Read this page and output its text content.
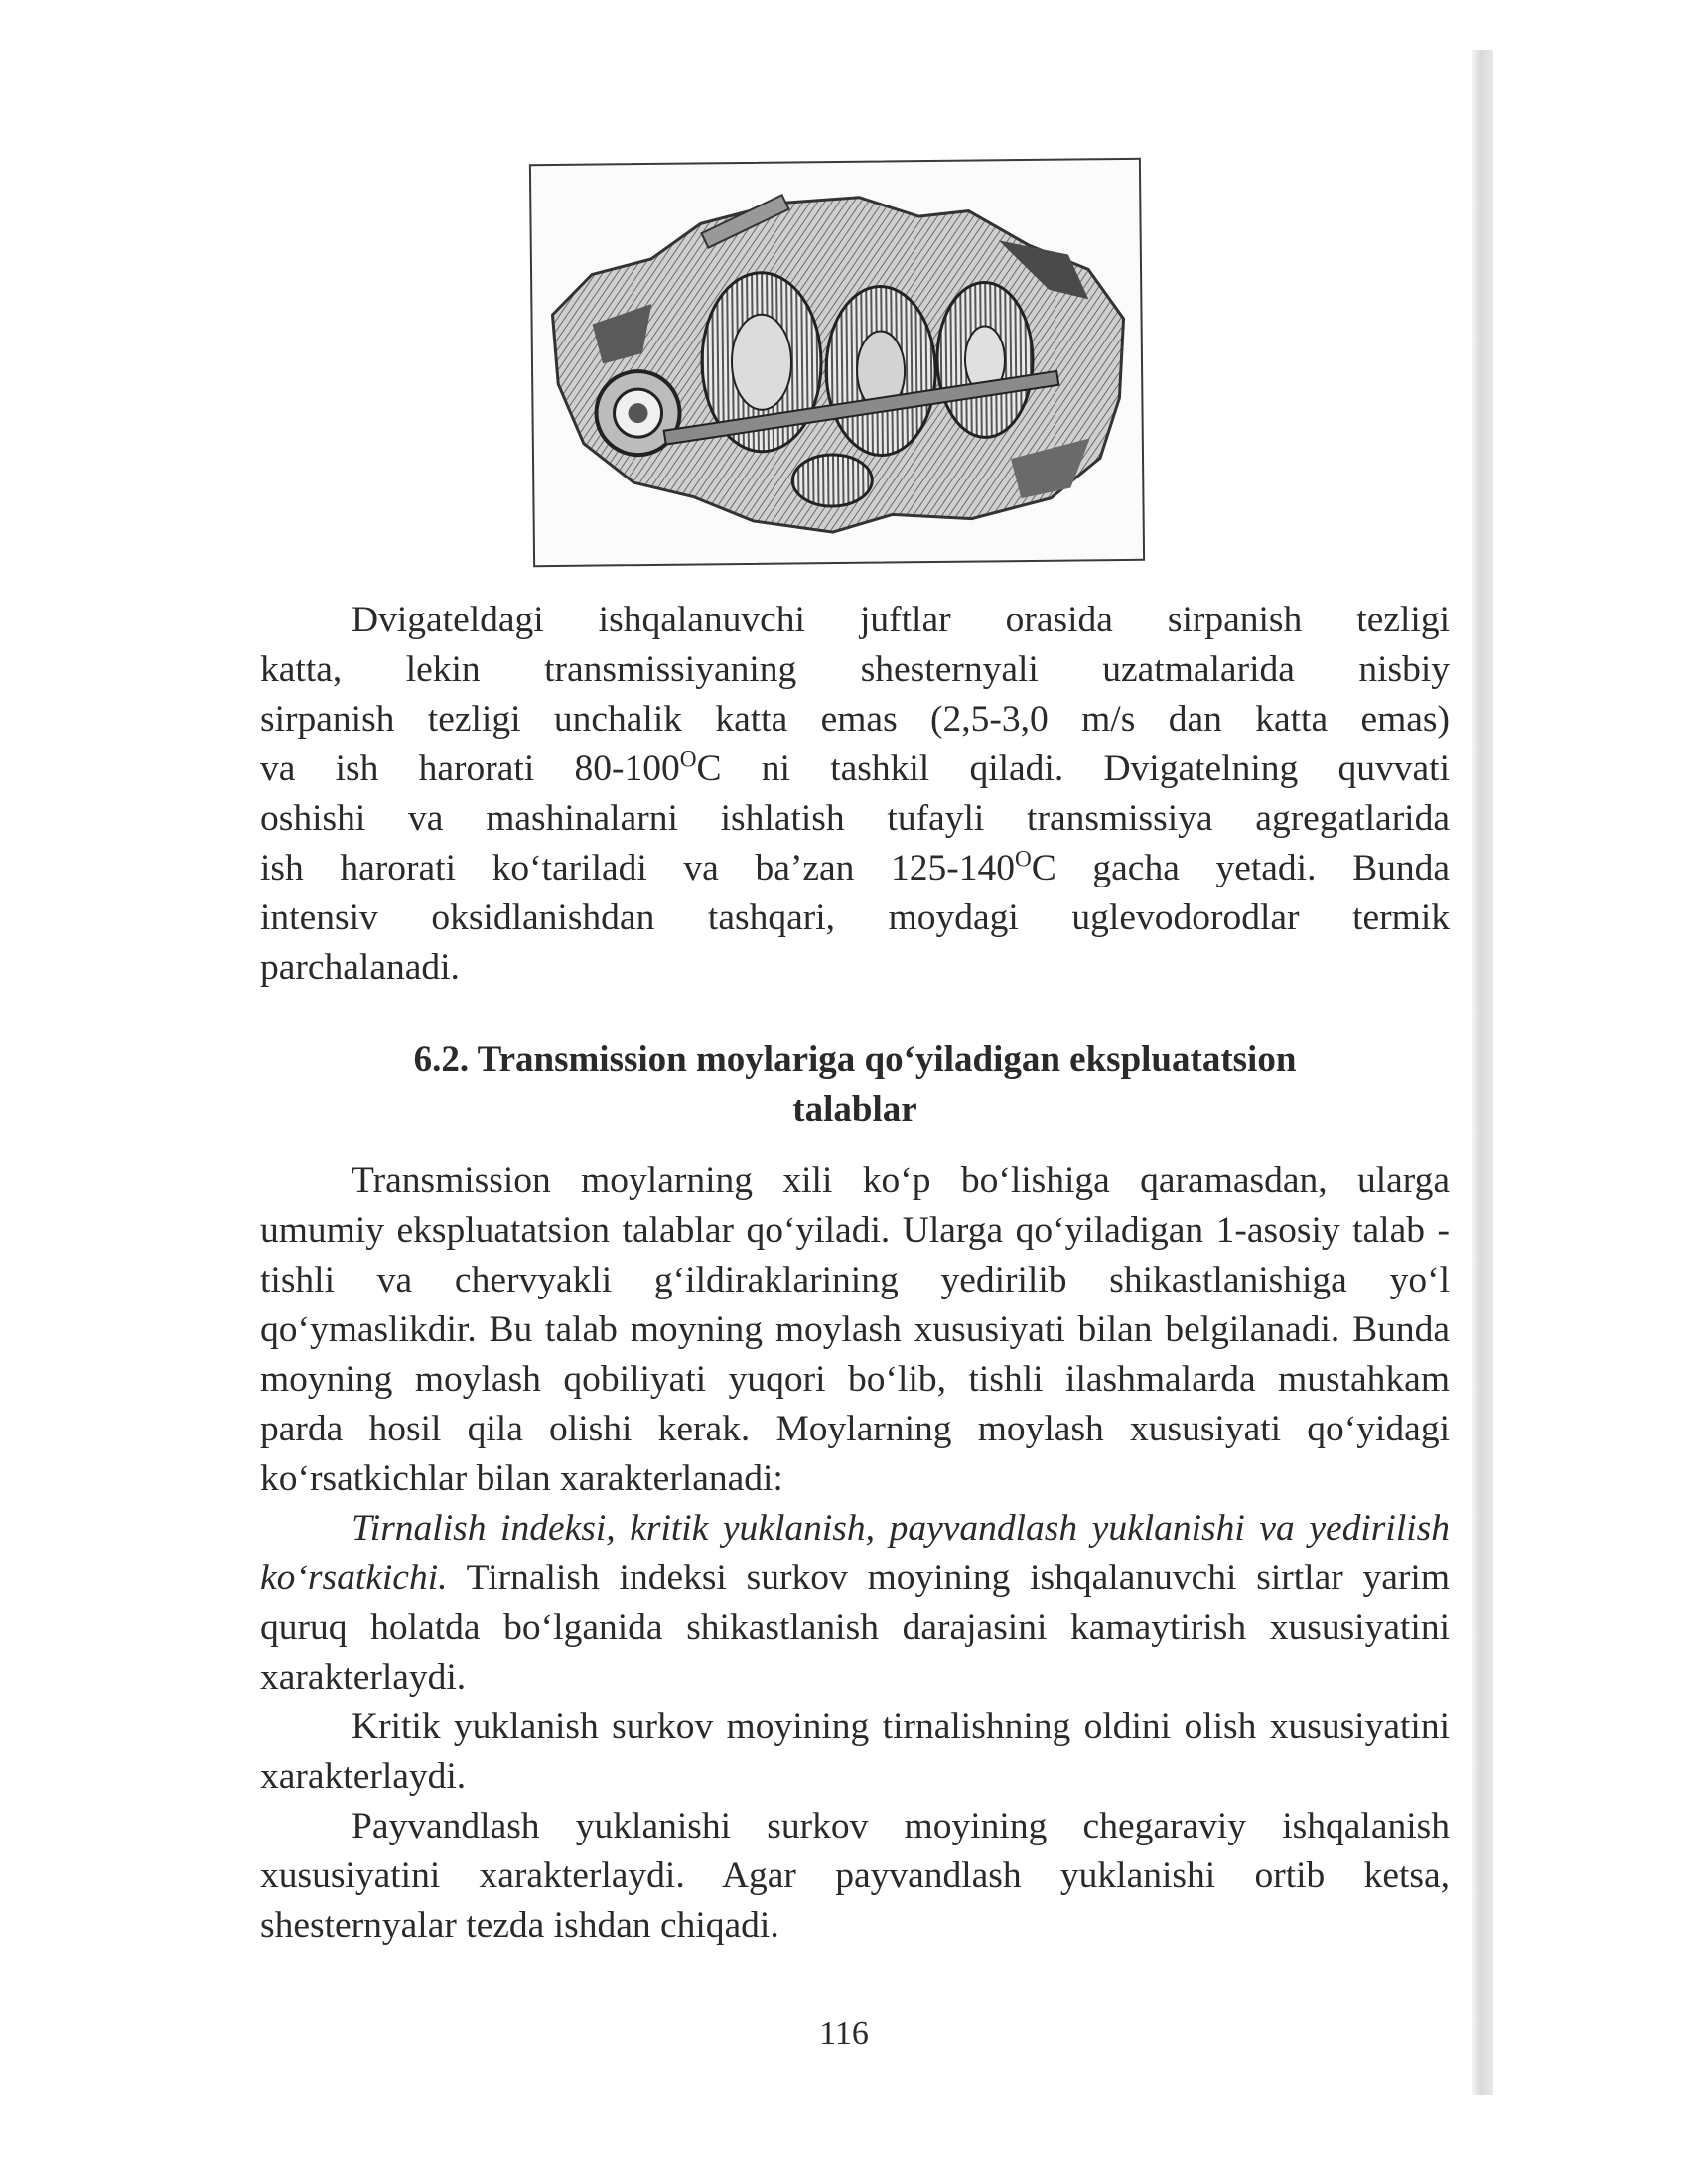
Dvigateldagi ishqalanuvchi juftlar orasida sirpanish tezligi

katta, lekin transmissiyaning shesternyali uzatmalarida nisbiy
sirpanish tezligi unchalik katta emas (2,5-3,0 m/s dan katta emas)
va ish harorati $80-100^OC$ ni tashkil qiladi. Dvigatelning quvvati
oshishi va mashinalarni ishlatish tufayli transmissiya agregatlarida
ish harorati ko‘tariladi va ba’zan $125-140^OC$ gacha yetadi. Bunda
intensiv oksidlanishdan tashqari, moydagi uglevodorodlar termik
parchalanadi.
6.2. Transmission moylariga qo‘yiladigan ekspluatatsion
talablar

Transmission moylarning xili ko‘p bo‘lishiga qaramasdan, ularga umumiy ekspluatatsion talablar qo‘yiladi. Ularga qo‘yiladigan 1-asosiy talab - tishli va chervyakli g‘ildiraklarining yedirilib shikastlanishiga yo‘l qo‘ymaslikdir. Bu talab moyning moylash xususiyati bilan belgilanadi. Bunda moyning moylash qobiliyati yuqori bo‘lib, tishli ilashmalarda mustahkam parda hosil qila olishi kerak. Moylarning moylash xususiyati qo‘yidagi ko‘rsatkichlar bilan xarakterlanadi:

Tirnalish indeksi, kritik yuklanish, payvandlash yuklanishi va yedirilish ko‘rsatkichi. Tirnalish indeksi surkov moyining ishqalanuvchi sirtlar yarim quruq holatda bo‘lganida shikastlanish darajasini kamaytirish xususiyatini xarakterlaydi.

Kritik yuklanish surkov moyining tirnalishning oldini olish xususiyatini xarakterlaydi.

Payvandlash yuklanishi surkov moyining chegaraviy ishqalanish xususiyatini xarakterlaydi. Agar payvandlash yuklanishi ortib ketsa, shesternyalar tezda ishdan chiqadi.

116
